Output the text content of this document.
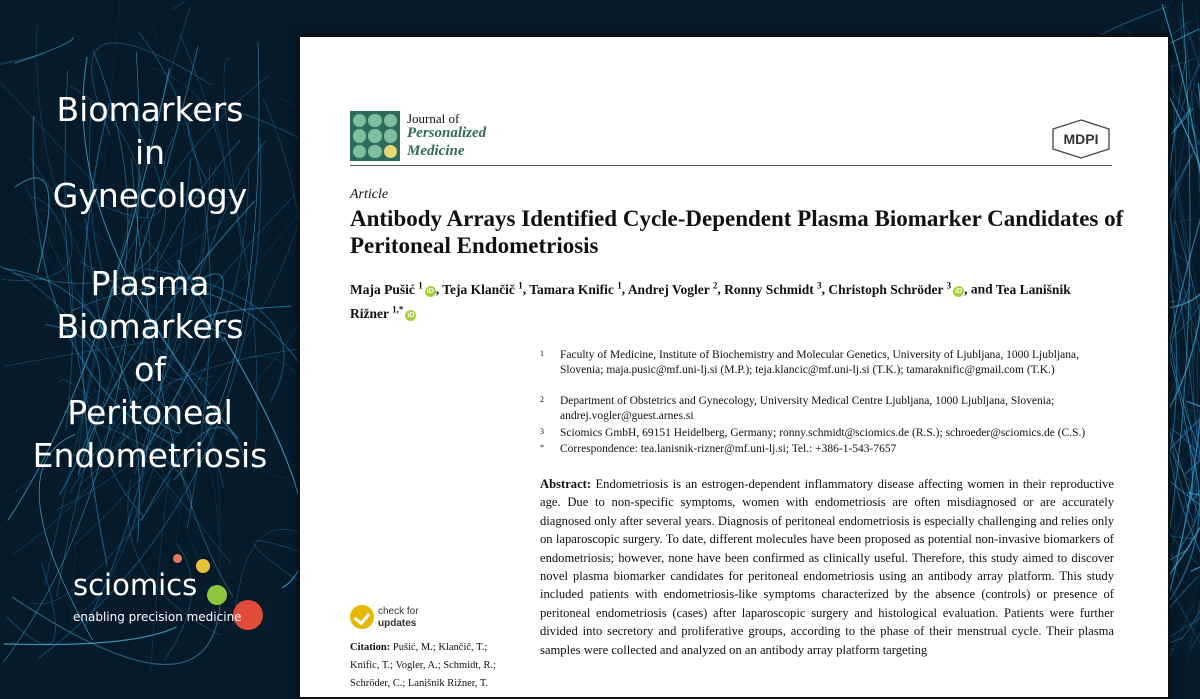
Biomarkers
in
Gynecology
Plasma
Biomarkers
of
Peritoneal
Endometriosis
sciomics
enabling precision medicine
Journal of
Personalized
Medicine
MDPI
Article
Antibody Arrays Identified Cycle-Dependent Plasma Biomarker Candidates of Peritoneal Endometriosis
Maja Pušić $^1$iD , Teja Klančič $^1$, Tamara Knific $^1$, Andrej Vogler $^2$, Ronny Schmidt $^3$, Christoph Schröder $^3$iD , and Tea Lanišnik Rižner $^{1,*}$iD
1 Faculty of Medicine, Institute of Biochemistry and Molecular Genetics, University of Ljubljana, 1000 Ljubljana, Slovenia; maja.pusic@mf.uni-lj.si (M.P.); teja.klancic@mf.uni-lj.si (T.K.); tamaraknific@gmail.com (T.K.)
2 Department of Obstetrics and Gynecology, University Medical Centre Ljubljana, 1000 Ljubljana, Slovenia; andrej.vogler@guest.arnes.si
3 Sciomics GmbH, 69151 Heidelberg, Germany; ronny.schmidt@sciomics.de (R.S.); schroeder@sciomics.de (C.S.)
* Correspondence: tea.lanisnik-rizner@mf.uni-lj.si; Tel.: +386-1-543-7657
Abstract: Endometriosis is an estrogen-dependent inflammatory disease affecting women in their reproductive age. Due to non-specific symptoms, women with endometriosis are often misdiagnosed or are accurately diagnosed only after several years. Diagnosis of peritoneal endometriosis is especially challenging and relies only on laparoscopic surgery. To date, different molecules have been proposed as potential non-invasive biomarkers of endometriosis; however, none have been confirmed as clinically useful. Therefore, this study aimed to discover novel plasma biomarker candidates for peritoneal endometriosis using an antibody array platform. This study included patients with endometriosis-like symptoms characterized by the absence (controls) or presence of peritoneal endometriosis (cases) after laparoscopic surgery and histological evaluation. Patients were further divided into secretory and proliferative groups, according to the phase of their menstrual cycle. Their plasma samples were collected and analyzed on an antibody array platform targeting
check for
updates
Citation: Pušić, M.; Klančič, T.; Knific, T.; Vogler, A.; Schmidt, R.; Schröder, C.; Lanišnik Rižner, T.
